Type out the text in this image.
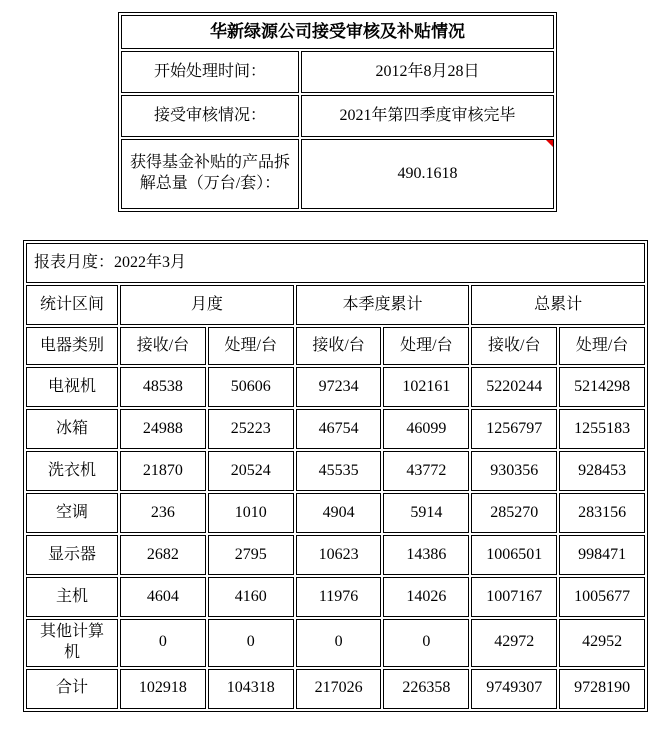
华新绿源公司接受审核及补贴情况	
开始处理时间：	2012年8月28日
接受审核情况：	2021年第四季度审核完毕
获得基金补贴的产品拆解总量（万台/套）：	490.1618
报表月度：2022年3月						
统计区间	月度		本季度累计		总累计	
电器类别	接收/台	处理/台	接收/台	处理/台	接收/台	处理/台
电视机	48538	50606	97234	102161	5220244	5214298
冰箱	24988	25223	46754	46099	1256797	1255183
洗衣机	21870	20524	45535	43772	930356	928453
空调	236	1010	4904	5914	285270	283156
显示器	2682	2795	10623	14386	1006501	998471
主机	4604	4160	11976	14026	1007167	1005677
其他计算机	0	0	0	0	42972	42952
合计	102918	104318	217026	226358	9749307	9728190
